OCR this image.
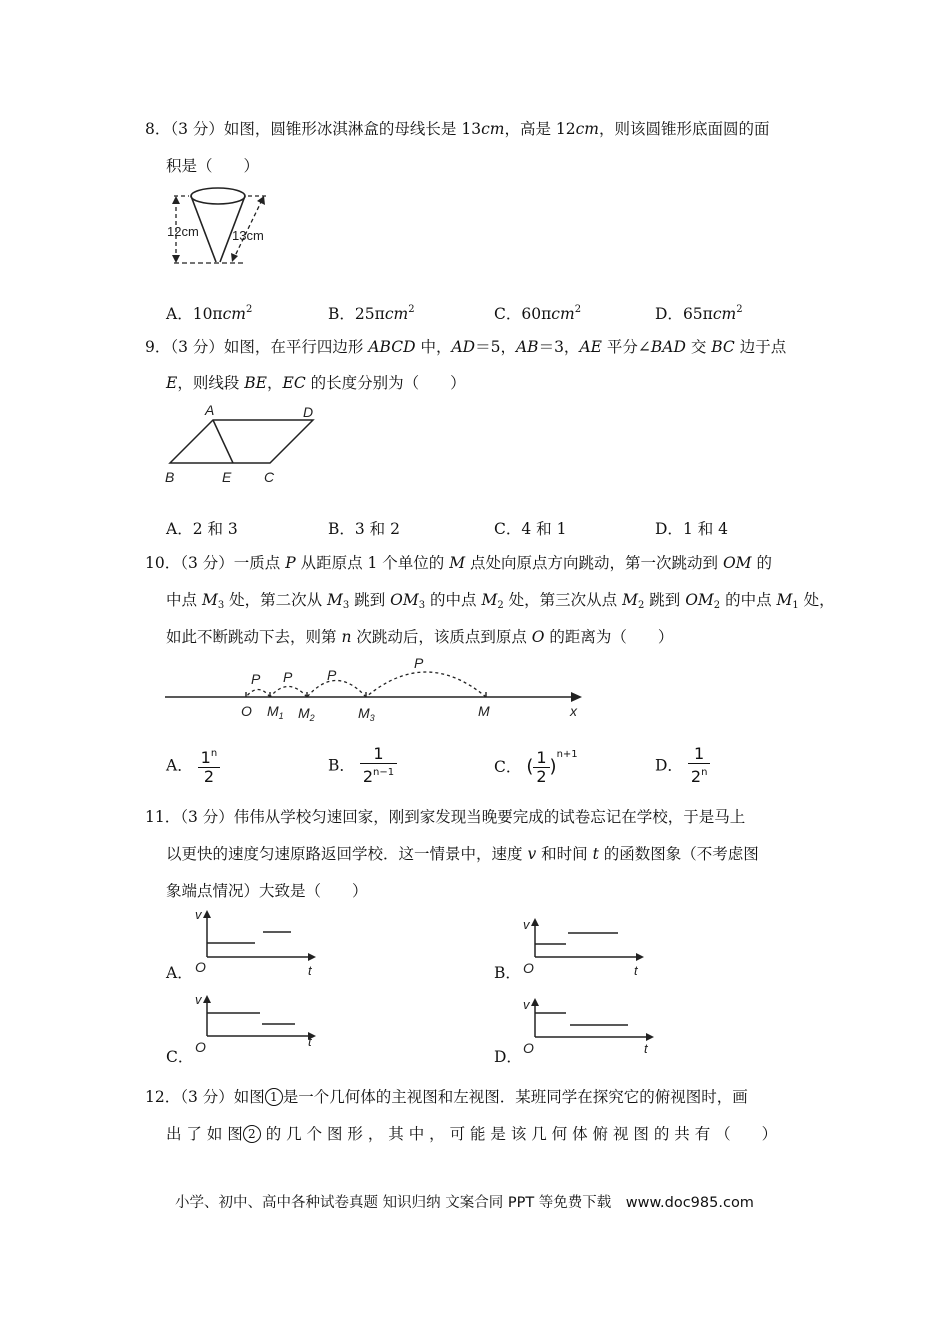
8．（3 分）如图，圆锥形冰淇淋盒的母线长是 13cm，高是 12cm，则该圆锥形底面圆的面
积是（　　）
12cm	13cm
A．10πcm$^2$	B．25πcm$^2$	C．60πcm$^2$	D．65πcm$^2$
9．（3 分）如图，在平行四边形 ABCD 中，AD＝5，AB＝3，AE 平分∠BAD 交 BC 边于点
E，则线段 BE，EC 的长度分别为（　　）
A	D
B	E C
A．2 和 3	B．3 和 2	C．4 和 1	D．1 和 4
10．（3 分）一质点 P 从距原点 1 个单位的 M 点处向原点方向跳动，第一次跳动到 OM 的
中点 $M_3$ 处，第二次从 $M_3$ 跳到 $OM_3$ 的中点 $M_2$ 处，第三次从点 $M_2$ 跳到 $OM_2$ 的中点 $M_1$ 处，
如此不断跳动下去，则第 n 次跳动后，该质点到原点 O 的距离为（　　）
P
P
P
P
O $M_1$ $M_2$	$M_3$	M	x
A． $\frac{1^n}{2}$	B． $\frac{1}{2^{n-1}}$	C． ( $\frac{1}{2} )^{n+1}$
D． $\frac{1}{2^n}$
11．（3 分）伟伟从学校匀速回家，刚到家发现当晚要完成的试卷忘记在学校，于是马上
以更快的速度匀速原路返回学校．这一情景中，速度 v 和时间 t 的函数图象（不考虑图
象端点情况）大致是（　　）
A．
v
O	t	B．
v
O	t
C．
v
O	t
D．
v
O	t
12．（3 分）如图 1 是一个几何体的主视图和左视图．某班同学在探究它的俯视图时，画
出 了 如 图 2 的 几 个 图 形 ， 其 中 ， 可 能 是 该 几 何 体 俯 视 图 的 共 有 （　　）
小学、初中、高中各种试卷真题 知识归纳 文案合同 PPT 等免费下载　www.doc985.com
